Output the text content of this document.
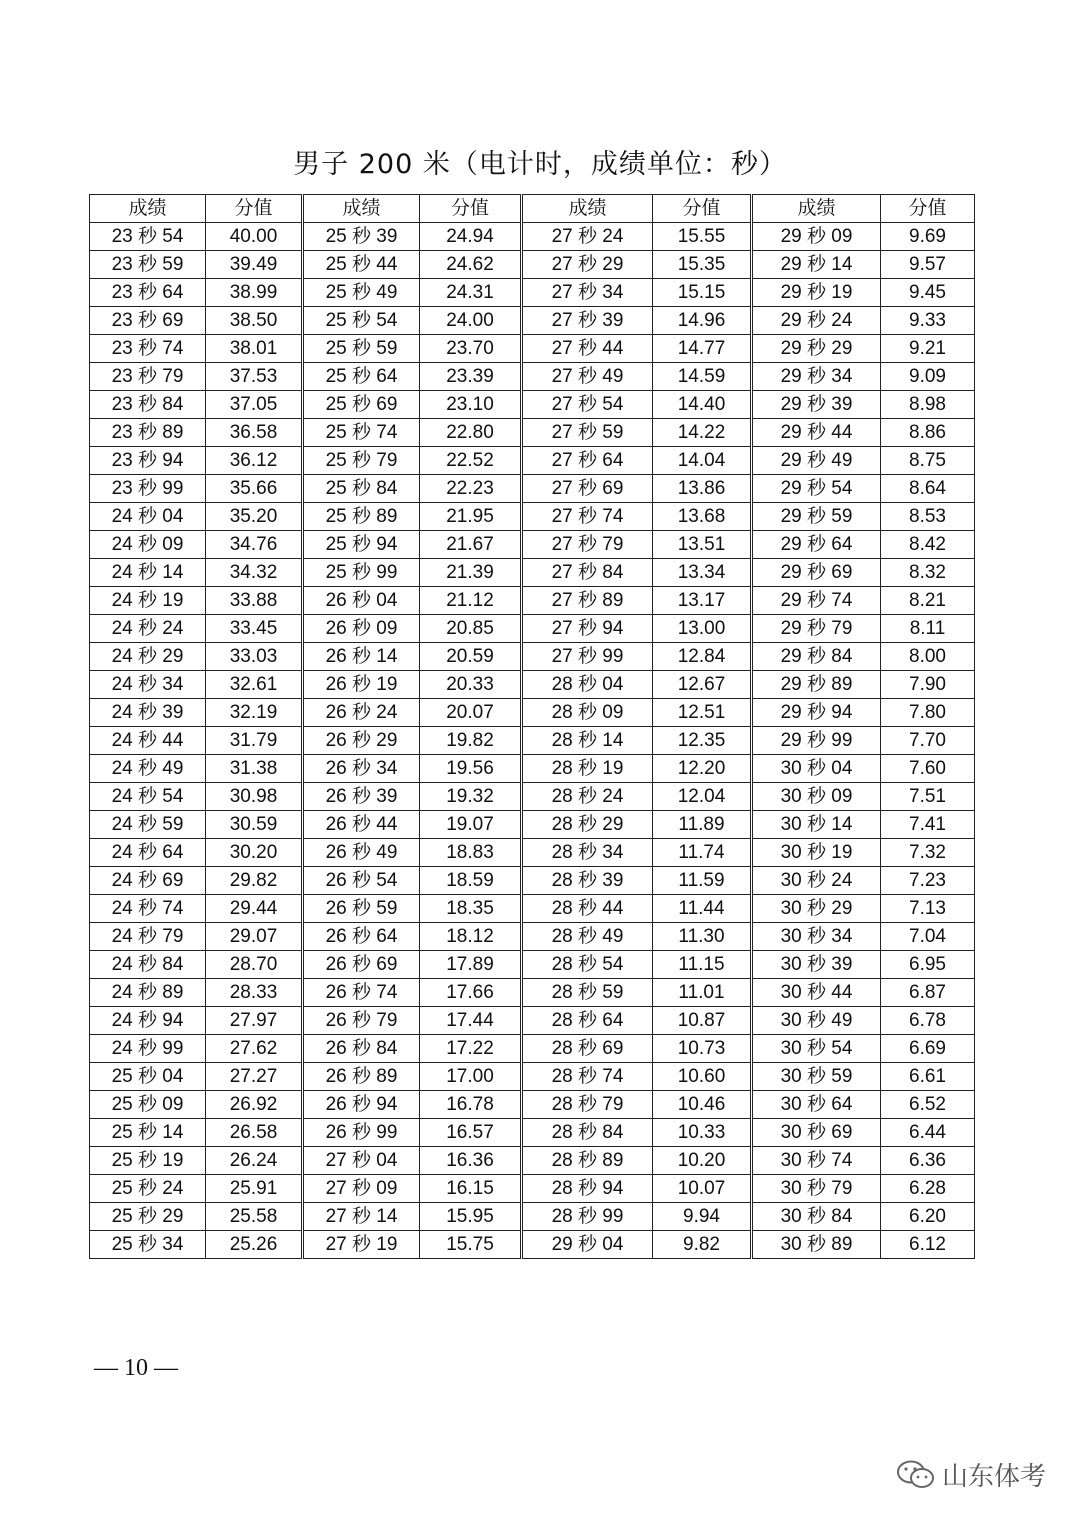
男子 200 米（电计时，成绩单位：秒）
成绩	分值	成绩	分值	成绩	分值	成绩	分值
23 秒 54	40.00	25 秒 39	24.94	27 秒 24	15.55	29 秒 09	9.69
23 秒 59	39.49	25 秒 44	24.62	27 秒 29	15.35	29 秒 14	9.57
23 秒 64	38.99	25 秒 49	24.31	27 秒 34	15.15	29 秒 19	9.45
23 秒 69	38.50	25 秒 54	24.00	27 秒 39	14.96	29 秒 24	9.33
23 秒 74	38.01	25 秒 59	23.70	27 秒 44	14.77	29 秒 29	9.21
23 秒 79	37.53	25 秒 64	23.39	27 秒 49	14.59	29 秒 34	9.09
23 秒 84	37.05	25 秒 69	23.10	27 秒 54	14.40	29 秒 39	8.98
23 秒 89	36.58	25 秒 74	22.80	27 秒 59	14.22	29 秒 44	8.86
23 秒 94	36.12	25 秒 79	22.52	27 秒 64	14.04	29 秒 49	8.75
23 秒 99	35.66	25 秒 84	22.23	27 秒 69	13.86	29 秒 54	8.64
24 秒 04	35.20	25 秒 89	21.95	27 秒 74	13.68	29 秒 59	8.53
24 秒 09	34.76	25 秒 94	21.67	27 秒 79	13.51	29 秒 64	8.42
24 秒 14	34.32	25 秒 99	21.39	27 秒 84	13.34	29 秒 69	8.32
24 秒 19	33.88	26 秒 04	21.12	27 秒 89	13.17	29 秒 74	8.21
24 秒 24	33.45	26 秒 09	20.85	27 秒 94	13.00	29 秒 79	8.11
24 秒 29	33.03	26 秒 14	20.59	27 秒 99	12.84	29 秒 84	8.00
24 秒 34	32.61	26 秒 19	20.33	28 秒 04	12.67	29 秒 89	7.90
24 秒 39	32.19	26 秒 24	20.07	28 秒 09	12.51	29 秒 94	7.80
24 秒 44	31.79	26 秒 29	19.82	28 秒 14	12.35	29 秒 99	7.70
24 秒 49	31.38	26 秒 34	19.56	28 秒 19	12.20	30 秒 04	7.60
24 秒 54	30.98	26 秒 39	19.32	28 秒 24	12.04	30 秒 09	7.51
24 秒 59	30.59	26 秒 44	19.07	28 秒 29	11.89	30 秒 14	7.41
24 秒 64	30.20	26 秒 49	18.83	28 秒 34	11.74	30 秒 19	7.32
24 秒 69	29.82	26 秒 54	18.59	28 秒 39	11.59	30 秒 24	7.23
24 秒 74	29.44	26 秒 59	18.35	28 秒 44	11.44	30 秒 29	7.13
24 秒 79	29.07	26 秒 64	18.12	28 秒 49	11.30	30 秒 34	7.04
24 秒 84	28.70	26 秒 69	17.89	28 秒 54	11.15	30 秒 39	6.95
24 秒 89	28.33	26 秒 74	17.66	28 秒 59	11.01	30 秒 44	6.87
24 秒 94	27.97	26 秒 79	17.44	28 秒 64	10.87	30 秒 49	6.78
24 秒 99	27.62	26 秒 84	17.22	28 秒 69	10.73	30 秒 54	6.69
25 秒 04	27.27	26 秒 89	17.00	28 秒 74	10.60	30 秒 59	6.61
25 秒 09	26.92	26 秒 94	16.78	28 秒 79	10.46	30 秒 64	6.52
25 秒 14	26.58	26 秒 99	16.57	28 秒 84	10.33	30 秒 69	6.44
25 秒 19	26.24	27 秒 04	16.36	28 秒 89	10.20	30 秒 74	6.36
25 秒 24	25.91	27 秒 09	16.15	28 秒 94	10.07	30 秒 79	6.28
25 秒 29	25.58	27 秒 14	15.95	28 秒 99	9.94	30 秒 84	6.20
25 秒 34	25.26	27 秒 19	15.75	29 秒 04	9.82	30 秒 89	6.12
— 10 —
山东体考
